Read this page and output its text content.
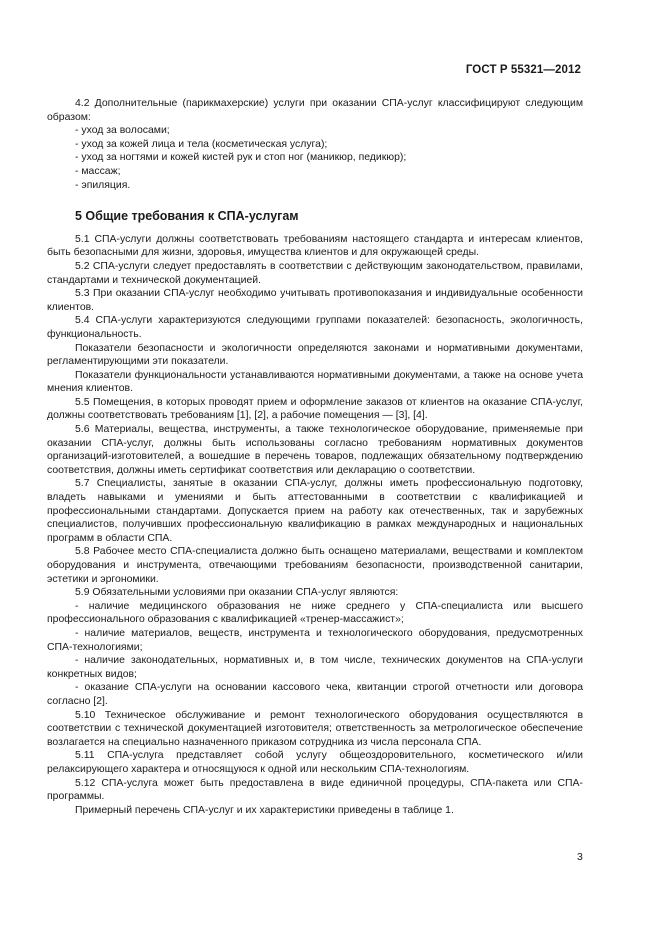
ГОСТ Р 55321—2012

4.2 Дополнительные (парикмахерские) услуги при оказании СПА-услуг классифицируют следующим образом:

- уход за волосами;

- уход за кожей лица и тела (косметическая услуга);

- уход за ногтями и кожей кистей рук и стоп ног (маникюр, педикюр);

- массаж;

- эпиляция.

5 Общие требования к СПА-услугам

5.1 СПА-услуги должны соответствовать требованиям настоящего стандарта и интересам клиентов, быть безопасными для жизни, здоровья, имущества клиентов и для окружающей среды.

5.2 СПА-услуги следует предоставлять в соответствии с действующим законодательством, правилами, стандартами и технической документацией.

5.3 При оказании СПА-услуг необходимо учитывать противопоказания и индивидуальные особенности клиентов.

5.4 СПА-услуги характеризуются следующими группами показателей: безопасность, экологичность, функциональность.

Показатели безопасности и экологичности определяются законами и нормативными документами, регламентирующими эти показатели.

Показатели функциональности устанавливаются нормативными документами, а также на основе учета мнения клиентов.

5.5 Помещения, в которых проводят прием и оформление заказов от клиентов на оказание СПА-услуг, должны соответствовать требованиям [1], [2], а рабочие помещения — [3], [4].

5.6 Материалы, вещества, инструменты, а также технологическое оборудование, применяемые при оказании СПА-услуг, должны быть использованы согласно требованиям нормативных документов организаций-изготовителей, а вошедшие в перечень товаров, подлежащих обязательному подтверждению соответствия, должны иметь сертификат соответствия или декларацию о соответствии.

5.7 Специалисты, занятые в оказании СПА-услуг, должны иметь профессиональную подготовку, владеть навыками и умениями и быть аттестованными в соответствии с квалификацией и профессиональными стандартами. Допускается прием на работу как отечественных, так и зарубежных специалистов, получивших профессиональную квалификацию в рамках международных и национальных программ в области СПА.

5.8 Рабочее место СПА-специалиста должно быть оснащено материалами, веществами и комплектом оборудования и инструмента, отвечающими требованиям безопасности, производственной санитарии, эстетики и эргономики.

5.9 Обязательными условиями при оказании СПА-услуг являются:

- наличие медицинского образования не ниже среднего у СПА-специалиста или высшего профессионального образования с квалификацией «тренер-массажист»;

- наличие материалов, веществ, инструмента и технологического оборудования, предусмотренных СПА-технологиями;

- наличие законодательных, нормативных и, в том числе, технических документов на СПА-услуги конкретных видов;

- оказание СПА-услуги на основании кассового чека, квитанции строгой отчетности или договора согласно [2].

5.10 Техническое обслуживание и ремонт технологического оборудования осуществляются в соответствии с технической документацией изготовителя; ответственность за метрологическое обеспечение возлагается на специально назначенного приказом сотрудника из числа персонала СПА.

5.11 СПА-услуга представляет собой услугу общеоздоровительного, косметического и/или релаксирующего характера и относящуюся к одной или нескольким СПА-технологиям.

5.12 СПА-услуга может быть предоставлена в виде единичной процедуры, СПА-пакета или СПА-программы.

Примерный перечень СПА-услуг и их характеристики приведены в таблице 1.

3
